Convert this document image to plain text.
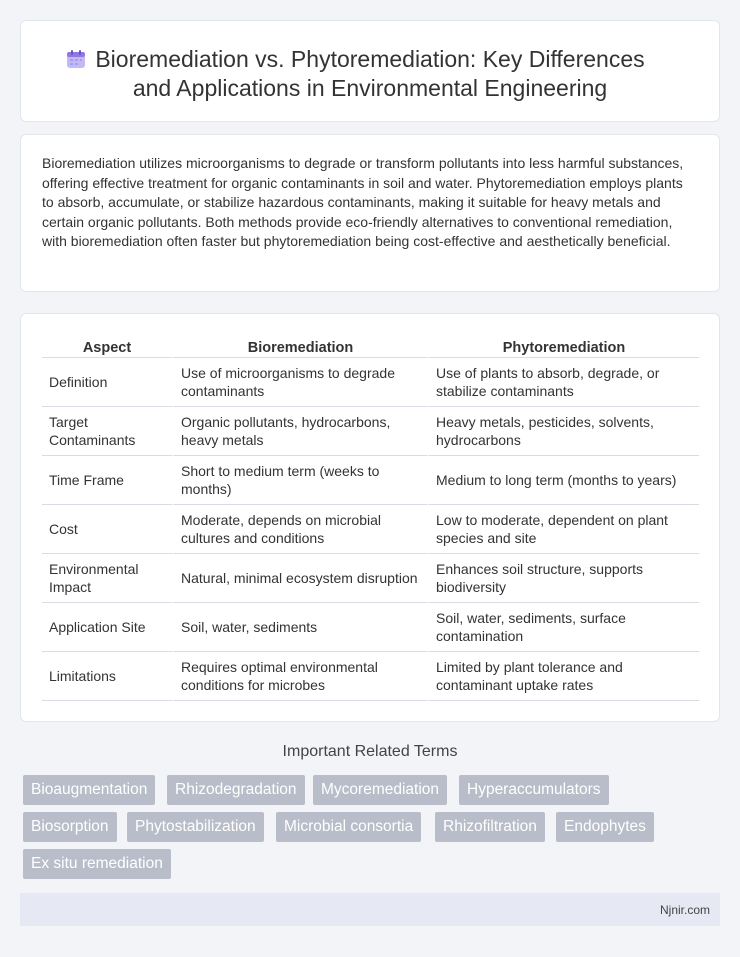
Bioremediation vs. Phytoremediation: Key Differences
and Applications in Environmental Engineering

Bioremediation utilizes microorganisms to degrade or transform pollutants into less harmful substances, offering effective treatment for organic contaminants in soil and water. Phytoremediation employs plants to absorb, accumulate, or stabilize hazardous contaminants, making it suitable for heavy metals and certain organic pollutants. Both methods provide eco-friendly alternatives to conventional remediation, with bioremediation often faster but phytoremediation being cost-effective and aesthetically beneficial.

Aspect	Bioremediation	Phytoremediation
Definition	Use of microorganisms to degrade contaminants	Use of plants to absorb, degrade, or stabilize contaminants
Target Contaminants	Organic pollutants, hydrocarbons, heavy metals	Heavy metals, pesticides, solvents, hydrocarbons
Time Frame	Short to medium term (weeks to months)	Medium to long term (months to years)
Cost	Moderate, depends on microbial cultures and conditions	Low to moderate, dependent on plant species and site
Environmental Impact	Natural, minimal ecosystem disruption	Enhances soil structure, supports biodiversity
Application Site	Soil, water, sediments	Soil, water, sediments, surface contamination
Limitations	Requires optimal environmental conditions for microbes	Limited by plant tolerance and contaminant uptake rates
Important Related Terms
Bioaugmentation	Rhizodegradation	Mycoremediation	Hyperaccumulators
Biosorption	Phytostabilization	Microbial consortia	Rhizofiltration	Endophytes
Ex situ remediation
Njnir.com
